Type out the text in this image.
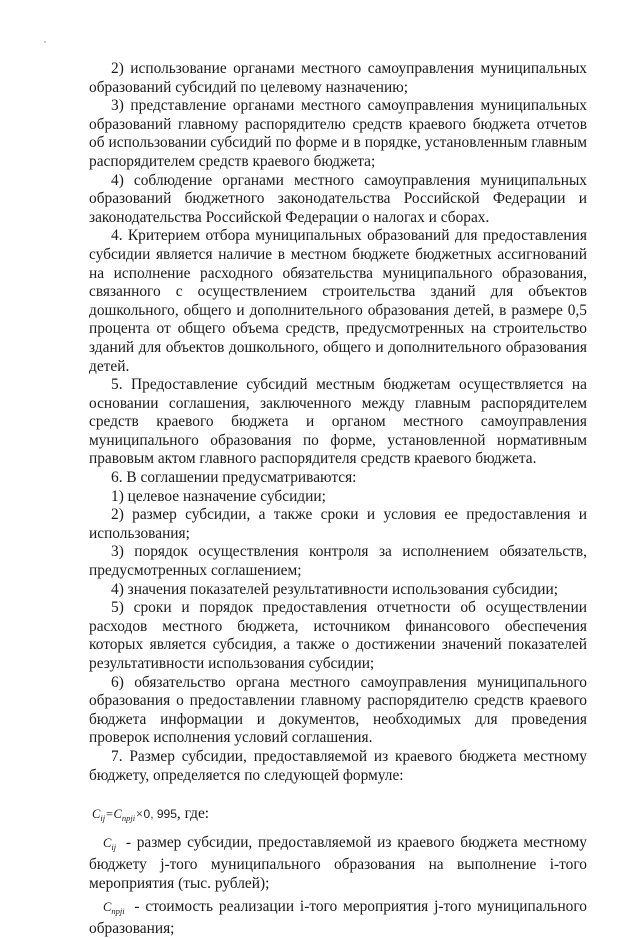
2) использование органами местного самоуправления муниципальных образований субсидий по целевому назначению;

3) представление органами местного самоуправления муниципальных образований главному распорядителю средств краевого бюджета отчетов об использовании субсидий по форме и в порядке, установленным главным распорядителем средств краевого бюджета;

4) соблюдение органами местного самоуправления муниципальных образований бюджетного законодательства Российской Федерации и законодательства Российской Федерации о налогах и сборах.

4. Критерием отбора муниципальных образований для предоставления субсидии является наличие в местном бюджете бюджетных ассигнований на исполнение расходного обязательства муниципального образования, связанного с осуществлением строительства зданий для объектов дошкольного, общего и дополнительного образования детей, в размере 0,5 процента от общего объема средств, предусмотренных на строительство зданий для объектов дошкольного, общего и дополнительного образования детей.

5. Предоставление субсидий местным бюджетам осуществляется на основании соглашения, заключенного между главным распорядителем средств краевого бюджета и органом местного самоуправления муниципального образования по форме, установленной нормативным правовым актом главного распорядителя средств краевого бюджета.

6. В соглашении предусматриваются:

1) целевое назначение субсидии;

2) размер субсидии, а также сроки и условия ее предоставления и использования;

3) порядок осуществления контроля за исполнением обязательств, предусмотренных соглашением;

4) значения показателей результативности использования субсидии;

5) сроки и порядок предоставления отчетности об осуществлении расходов местного бюджета, источником финансового обеспечения которых является субсидия, а также о достижении значений показателей результативности использования субсидии;

6) обязательство органа местного самоуправления муниципального образования о предоставлении главному распорядителю средств краевого бюджета информации и документов, необходимых для проведения проверок исполнения условий соглашения.

7. Размер субсидии, предоставляемой из краевого бюджета местному бюджету, определяется по следующей формуле:

$C_{ij}=C_{прji}\times 0$, 995, где:

$C_{ij}$ - размер субсидии, предоставляемой из краевого бюджета местному бюджету j-того муниципального образования на выполнение i-того мероприятия (тыс. рублей);

$C_{прji}$ - стоимость реализации i-того мероприятия j-того муниципального образования;
